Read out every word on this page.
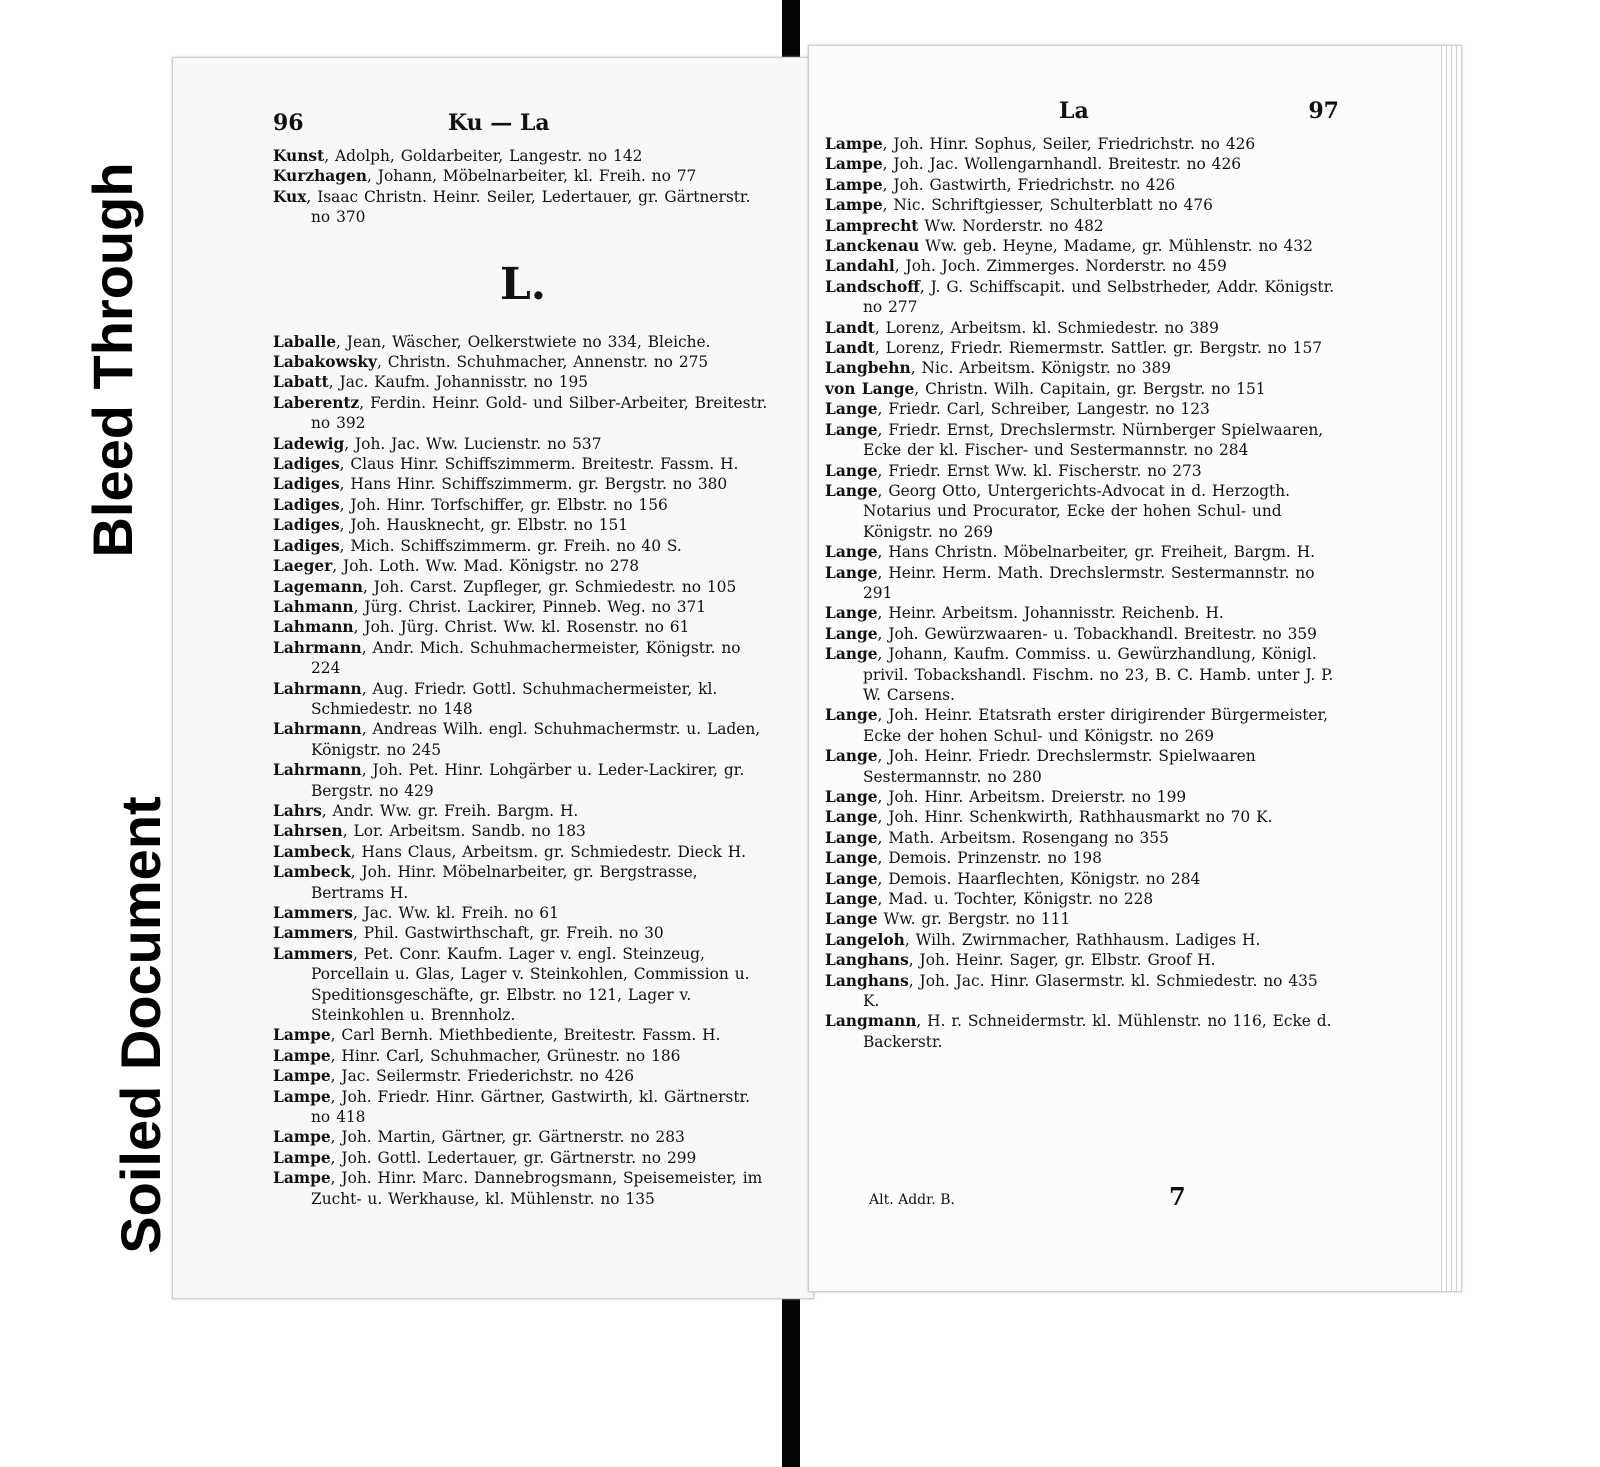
Bleed Through
Soiled Document
96	Ku — La

Kunst, Adolph, Goldarbeiter, Langestr. no 142

Kurzhagen, Johann, Möbelnarbeiter, kl. Freih. no 77

Kux, Isaac Christn. Heinr. Seiler, Ledertauer, gr. Gärtnerstr. no 370

L.

Laballe, Jean, Wäscher, Oelkerstwiete no 334, Bleiche.

Labakowsky, Christn. Schuhmacher, Annenstr. no 275

Labatt, Jac. Kaufm. Johannisstr. no 195

Laberentz, Ferdin. Heinr. Gold- und Silber-Arbeiter, Breitestr. no 392

Ladewig, Joh. Jac. Ww. Lucienstr. no 537

Ladiges, Claus Hinr. Schiffszimmerm. Breitestr. Fassm. H.

Ladiges, Hans Hinr. Schiffszimmerm. gr. Bergstr. no 380

Ladiges, Joh. Hinr. Torfschiffer, gr. Elbstr. no 156

Ladiges, Joh. Hausknecht, gr. Elbstr. no 151

Ladiges, Mich. Schiffszimmerm. gr. Freih. no 40 S.

Laeger, Joh. Loth. Ww. Mad. Königstr. no 278

Lagemann, Joh. Carst. Zupfleger, gr. Schmiedestr. no 105

Lahmann, Jürg. Christ. Lackirer, Pinneb. Weg. no 371

Lahmann, Joh. Jürg. Christ. Ww. kl. Rosenstr. no 61

Lahrmann, Andr. Mich. Schuhmachermeister, Königstr. no 224

Lahrmann, Aug. Friedr. Gottl. Schuhmachermeister, kl. Schmiedestr. no 148

Lahrmann, Andreas Wilh. engl. Schuhmachermstr. u. Laden, Königstr. no 245

Lahrmann, Joh. Pet. Hinr. Lohgärber u. Leder-Lackirer, gr. Bergstr. no 429

Lahrs, Andr. Ww. gr. Freih. Bargm. H.

Lahrsen, Lor. Arbeitsm. Sandb. no 183

Lambeck, Hans Claus, Arbeitsm. gr. Schmiedestr. Dieck H.

Lambeck, Joh. Hinr. Möbelnarbeiter, gr. Bergstrasse, Bertrams H.

Lammers, Jac. Ww. kl. Freih. no 61

Lammers, Phil. Gastwirthschaft, gr. Freih. no 30

Lammers, Pet. Conr. Kaufm. Lager v. engl. Steinzeug, Porcellain u. Glas, Lager v. Steinkohlen, Commission u. Speditionsgeschäfte, gr. Elbstr. no 121, Lager v. Steinkohlen u. Brennholz.

Lampe, Carl Bernh. Miethbediente, Breitestr. Fassm. H.

Lampe, Hinr. Carl, Schuhmacher, Grünestr. no 186

Lampe, Jac. Seilermstr. Friederichstr. no 426

Lampe, Joh. Friedr. Hinr. Gärtner, Gastwirth, kl. Gärtnerstr. no 418

Lampe, Joh. Martin, Gärtner, gr. Gärtnerstr. no 283

Lampe, Joh. Gottl. Ledertauer, gr. Gärtnerstr. no 299

Lampe, Joh. Hinr. Marc. Dannebrogsmann, Speisemeister, im Zucht- u. Werkhause, kl. Mühlenstr. no 135

La	97

Lampe, Joh. Hinr. Sophus, Seiler, Friedrichstr. no 426

Lampe, Joh. Jac. Wollengarnhandl. Breitestr. no 426

Lampe, Joh. Gastwirth, Friedrichstr. no 426

Lampe, Nic. Schriftgiesser, Schulterblatt no 476

Lamprecht Ww. Norderstr. no 482

Lanckenau Ww. geb. Heyne, Madame, gr. Mühlenstr. no 432

Landahl, Joh. Joch. Zimmerges. Norderstr. no 459

Landschoff, J. G. Schiffscapit. und Selbstrheder, Addr. Königstr. no 277

Landt, Lorenz, Arbeitsm. kl. Schmiedestr. no 389

Landt, Lorenz, Friedr. Riemermstr. Sattler. gr. Bergstr. no 157

Langbehn, Nic. Arbeitsm. Königstr. no 389

von Lange, Christn. Wilh. Capitain, gr. Bergstr. no 151

Lange, Friedr. Carl, Schreiber, Langestr. no 123

Lange, Friedr. Ernst, Drechslermstr. Nürnberger Spielwaaren, Ecke der kl. Fischer- und Sestermannstr. no 284

Lange, Friedr. Ernst Ww. kl. Fischerstr. no 273

Lange, Georg Otto, Untergerichts-Advocat in d. Herzogth. Notarius und Procurator, Ecke der hohen Schul- und Königstr. no 269

Lange, Hans Christn. Möbelnarbeiter, gr. Freiheit, Bargm. H.

Lange, Heinr. Herm. Math. Drechslermstr. Sestermannstr. no 291

Lange, Heinr. Arbeitsm. Johannisstr. Reichenb. H.

Lange, Joh. Gewürzwaaren- u. Tobackhandl. Breitestr. no 359

Lange, Johann, Kaufm. Commiss. u. Gewürzhandlung, Königl. privil. Tobackshandl. Fischm. no 23, B. C. Hamb. unter J. P. W. Carsens.

Lange, Joh. Heinr. Etatsrath erster dirigirender Bürgermeister, Ecke der hohen Schul- und Königstr. no 269

Lange, Joh. Heinr. Friedr. Drechslermstr. Spielwaaren Sestermannstr. no 280

Lange, Joh. Hinr. Arbeitsm. Dreierstr. no 199

Lange, Joh. Hinr. Schenkwirth, Rathhausmarkt no 70 K.

Lange, Math. Arbeitsm. Rosengang no 355

Lange, Demois. Prinzenstr. no 198

Lange, Demois. Haarflechten, Königstr. no 284

Lange, Mad. u. Tochter, Königstr. no 228

Lange Ww. gr. Bergstr. no 111

Langeloh, Wilh. Zwirnmacher, Rathhausm. Ladiges H.

Langhans, Joh. Heinr. Sager, gr. Elbstr. Groof H.

Langhans, Joh. Jac. Hinr. Glasermstr. kl. Schmiedestr. no 435 K.

Langmann, H. r. Schneidermstr. kl. Mühlenstr. no 116, Ecke d. Backerstr.

Alt. Addr. B.	7
